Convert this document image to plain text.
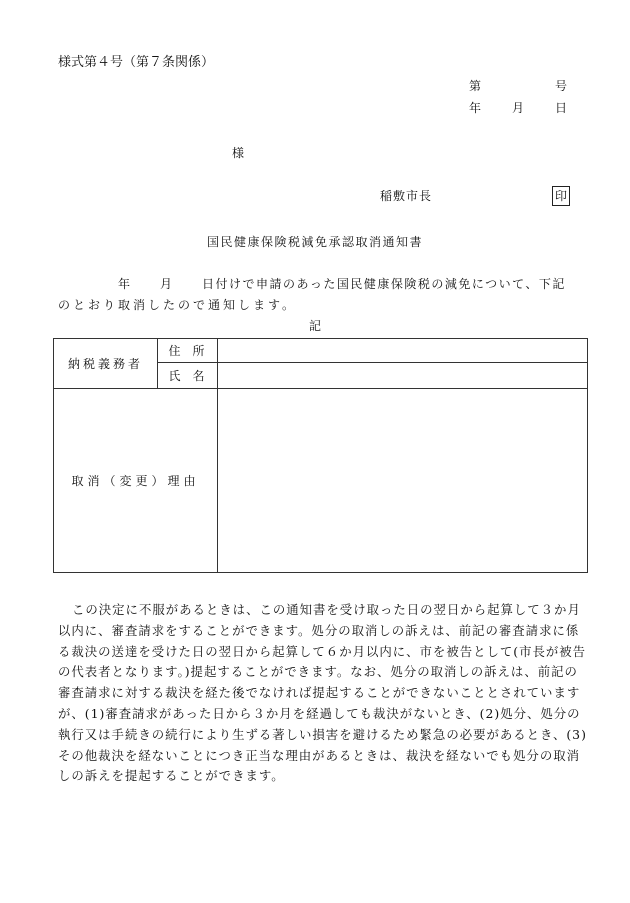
様式第４号（第７条関係）
第	号
年	月	日
様
稲敷市長	印
国民健康保険税減免承認取消通知書
年 月 日付けで申請のあった国民健康保険税の減免について、下記
のとおり取消したので通知します。
記
納税義務者	住所	
	氏名	
取消（変更）理由		
この決定に不服があるときは、この通知書を受け取った日の翌日から起算して３か月以内に、審査請求をすることができます。処分の取消しの訴えは、前記の審査請求に係る裁決の送達を受けた日の翌日から起算して６か月以内に、市を被告として(市長が被告の代表者となります。)提起することができます。なお、処分の取消しの訴えは、前記の審査請求に対する裁決を経た後でなければ提起することができないこととされていますが、(1)審査請求があった日から３か月を経過しても裁決がないとき、(2)処分、処分の執行又は手続きの続行により生ずる著しい損害を避けるため緊急の必要があるとき、(3)その他裁決を経ないことにつき正当な理由があるときは、裁決を経ないでも処分の取消しの訴えを提起することができます。
